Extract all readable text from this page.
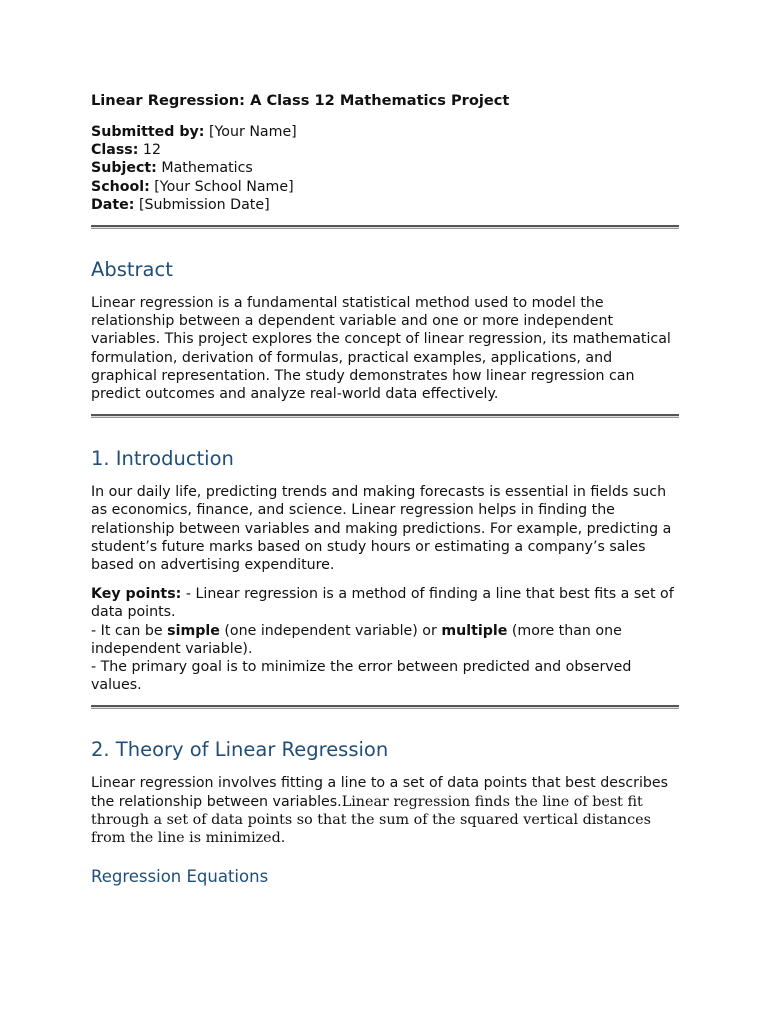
Linear Regression: A Class 12 Mathematics Project

Submitted by: [Your Name]

Class: 12

Subject: Mathematics

School: [Your School Name]

Date: [Submission Date]

Abstract

Linear regression is a fundamental statistical method used to model the relationship between a dependent variable and one or more independent variables. This project explores the concept of linear regression, its mathematical formulation, derivation of formulas, practical examples, applications, and graphical representation. The study demonstrates how linear regression can predict outcomes and analyze real-world data effectively.

1. Introduction

In our daily life, predicting trends and making forecasts is essential in fields such as economics, finance, and science. Linear regression helps in finding the relationship between variables and making predictions. For example, predicting a student’s future marks based on study hours or estimating a company’s sales based on advertising expenditure.

Key points: - Linear regression is a method of finding a line that best fits a set of data points.
- It can be simple (one independent variable) or multiple (more than one independent variable).
- The primary goal is to minimize the error between predicted and observed values.

2. Theory of Linear Regression

Linear regression involves fitting a line to a set of data points that best describes the relationship between variables.Linear regression finds the line of best fit through a set of data points so that the sum of the squared vertical distances from the line is minimized.

Regression Equations
